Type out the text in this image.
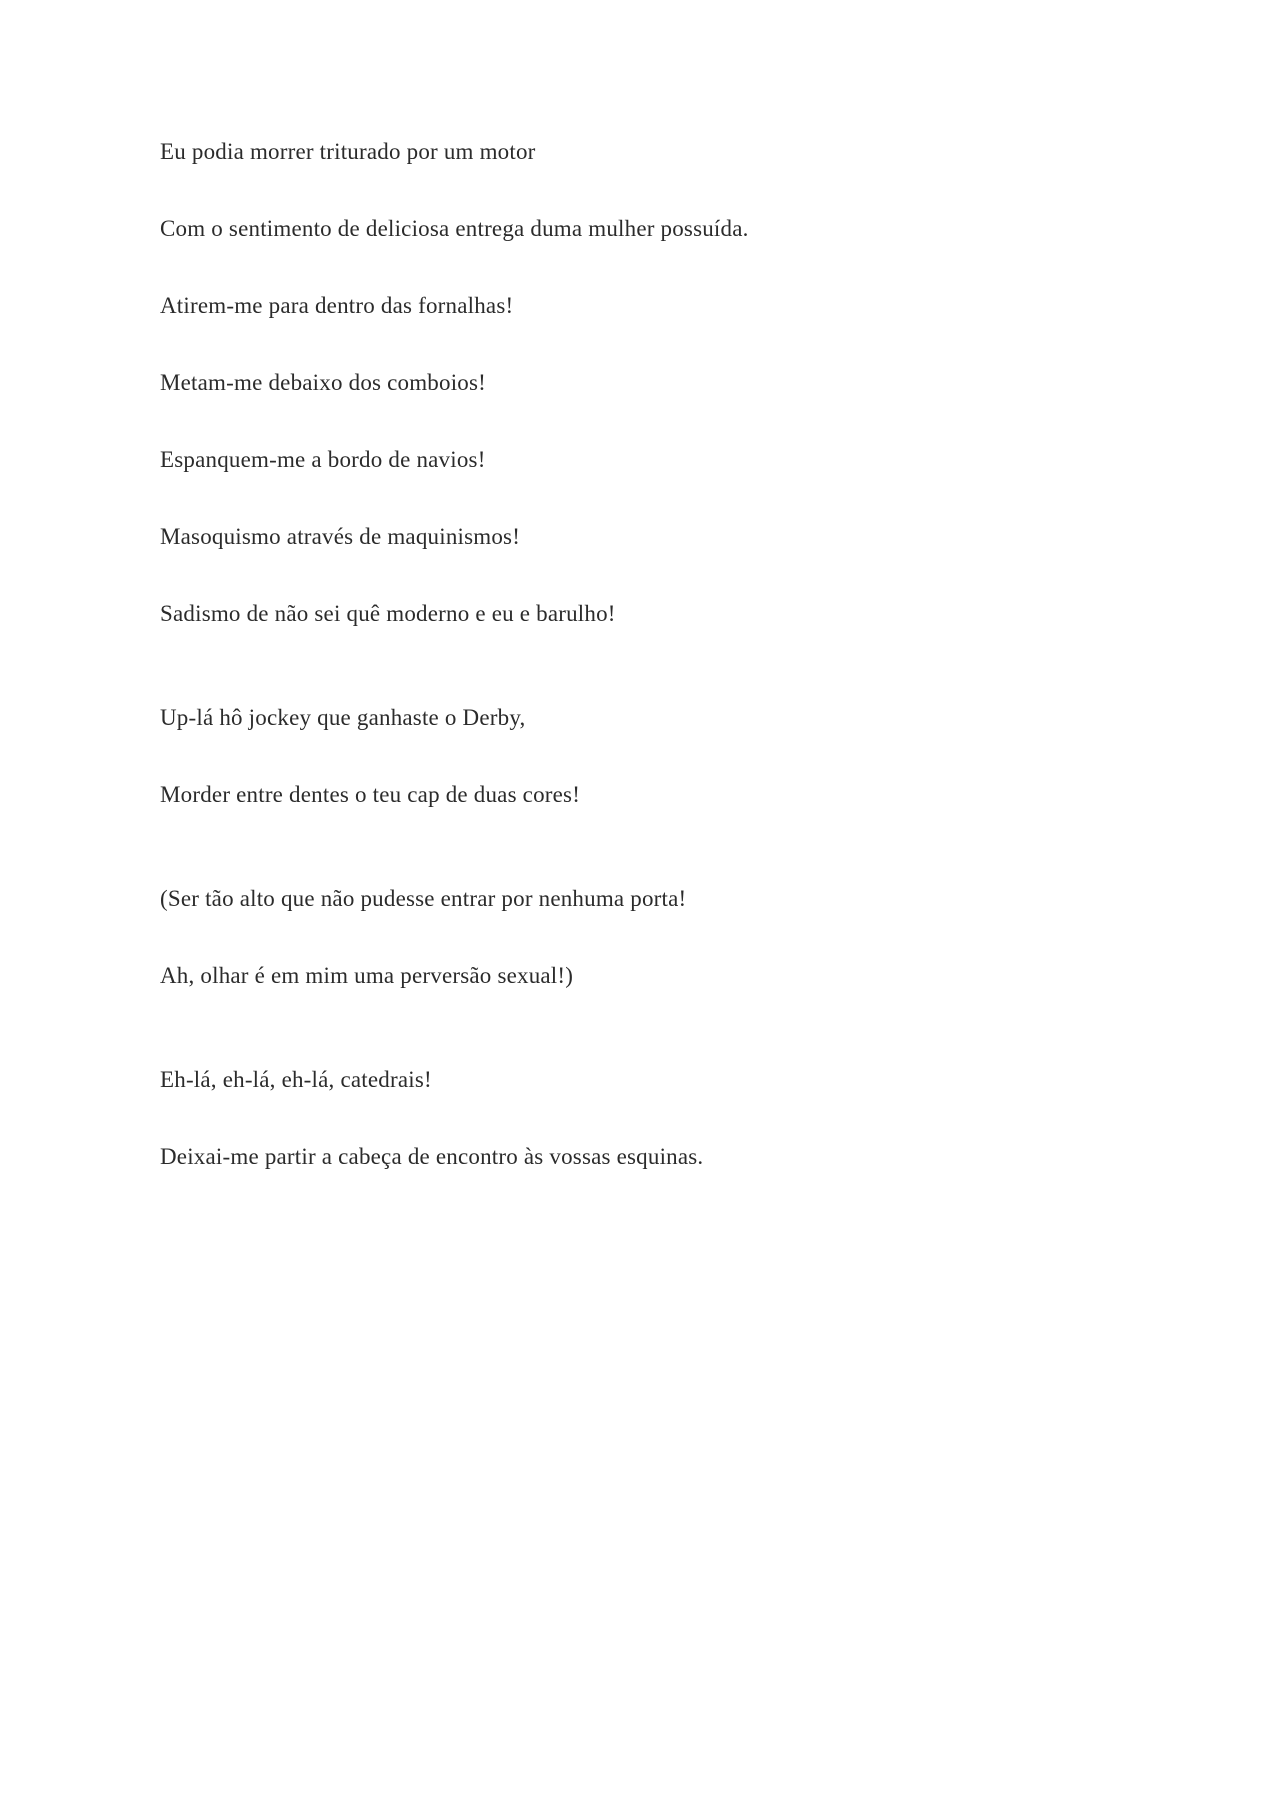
Eu podia morrer triturado por um motor

Com o sentimento de deliciosa entrega duma mulher possuída.

Atirem-me para dentro das fornalhas!

Metam-me debaixo dos comboios!

Espanquem-me a bordo de navios!

Masoquismo através de maquinismos!

Sadismo de não sei quê moderno e eu e barulho!

Up-lá hô jockey que ganhaste o Derby,

Morder entre dentes o teu cap de duas cores!

(Ser tão alto que não pudesse entrar por nenhuma porta!

Ah, olhar é em mim uma perversão sexual!)

Eh-lá, eh-lá, eh-lá, catedrais!

Deixai-me partir a cabeça de encontro às vossas esquinas.
